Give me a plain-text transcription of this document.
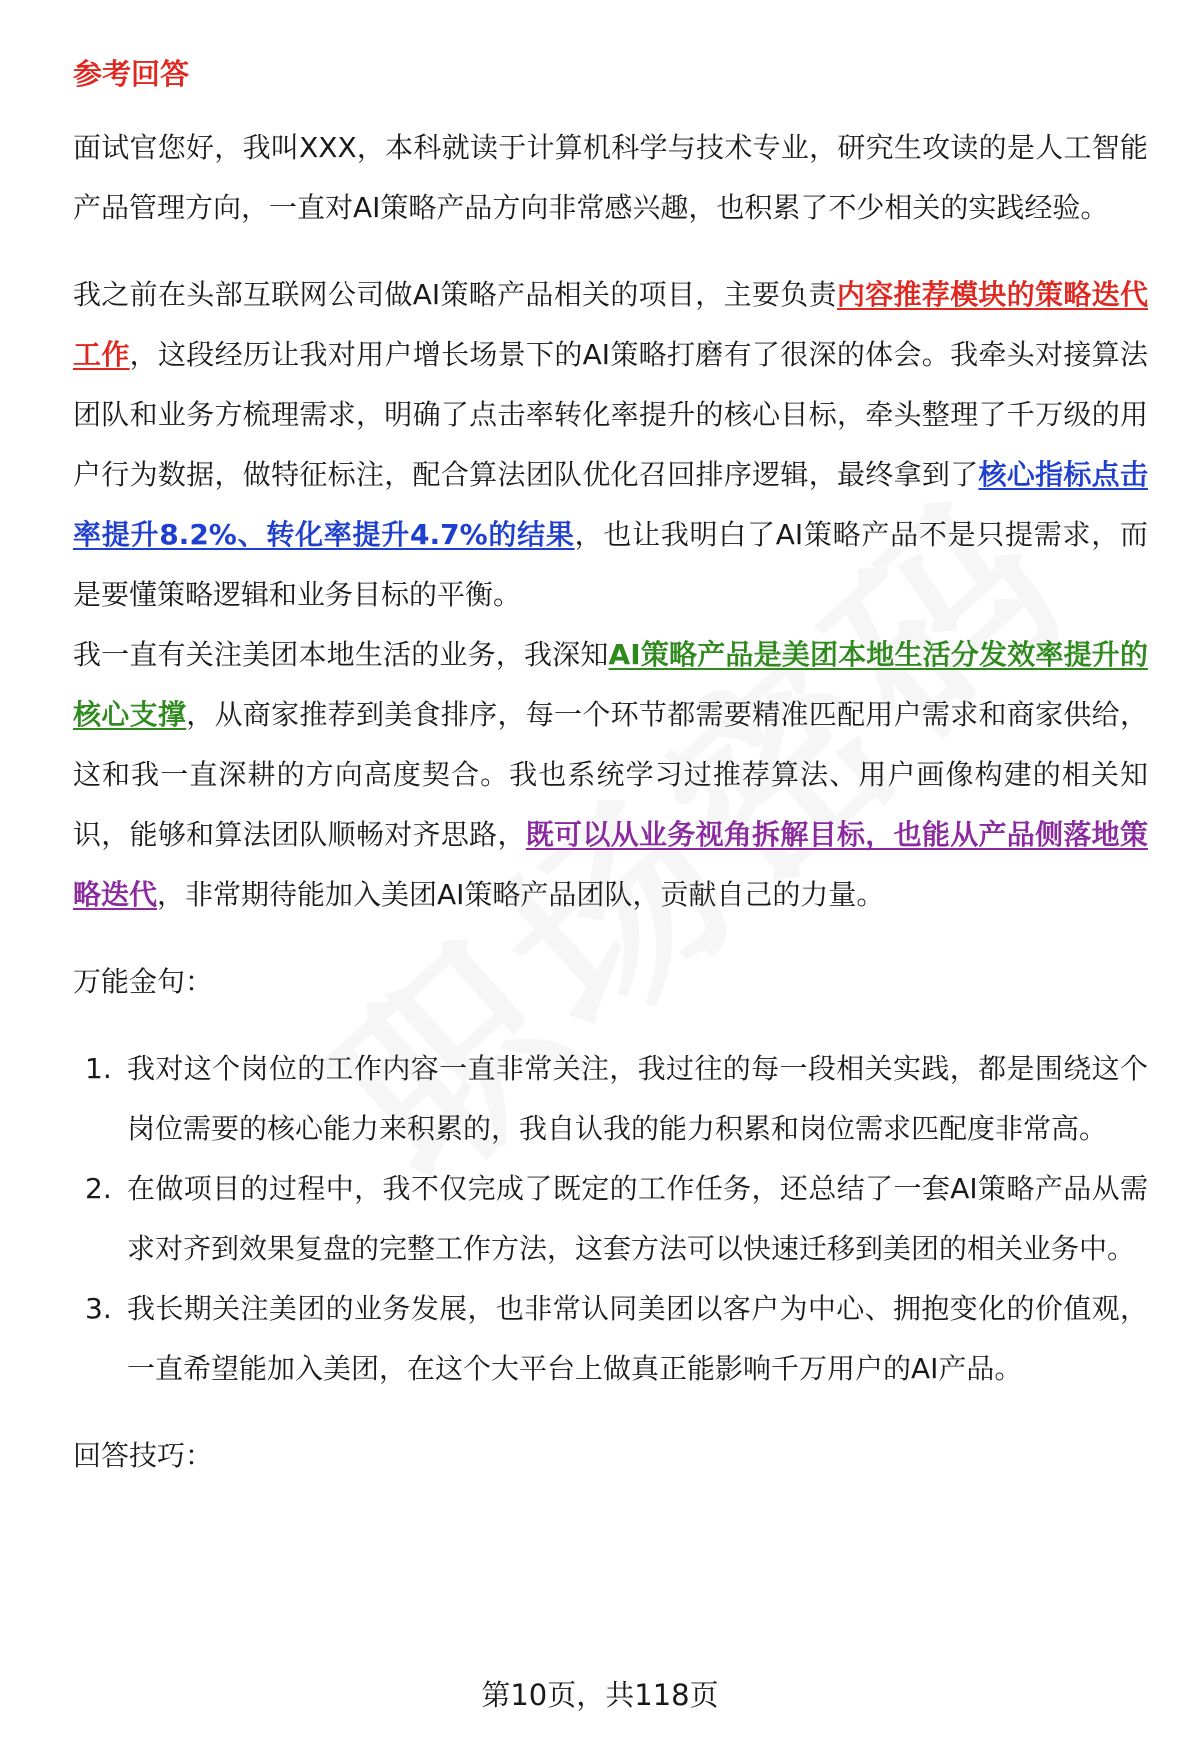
参考回答

面试官您好，我叫XXX，本科就读于计算机科学与技术专业，研究生攻读的是人工智能产品管理方向，一直对AI策略产品方向非常感兴趣，也积累了不少相关的实践经验。

我之前在头部互联网公司做AI策略产品相关的项目，主要负责内容推荐模块的策略迭代工作，这段经历让我对用户增长场景下的AI策略打磨有了很深的体会。我牵头对接算法团队和业务方梳理需求，明确了点击率转化率提升的核心目标，牵头整理了千万级的用户行为数据，做特征标注，配合算法团队优化召回排序逻辑，最终拿到了核心指标点击率提升8.2%、转化率提升4.7%的结果，也让我明白了AI策略产品不是只提需求，而是要懂策略逻辑和业务目标的平衡。

我一直有关注美团本地生活的业务，我深知AI策略产品是美团本地生活分发效率提升的核心支撑，从商家推荐到美食排序，每一个环节都需要精准匹配用户需求和商家供给，这和我一直深耕的方向高度契合。我也系统学习过推荐算法、用户画像构建的相关知识，能够和算法团队顺畅对齐思路，既可以从业务视角拆解目标，也能从产品侧落地策略迭代，非常期待能加入美团AI策略产品团队，贡献自己的力量。

万能金句：

1. 我对这个岗位的工作内容一直非常关注，我过往的每一段相关实践，都是围绕这个岗位需要的核心能力来积累的，我自认我的能力积累和岗位需求匹配度非常高。
2. 在做项目的过程中，我不仅完成了既定的工作任务，还总结了一套AI策略产品从需求对齐到效果复盘的完整工作方法，这套方法可以快速迁移到美团的相关业务中。
3. 我长期关注美团的业务发展，也非常认同美团以客户为中心、拥抱变化的价值观，一直希望能加入美团，在这个大平台上做真正能影响千万用户的AI产品。

回答技巧：

第10页，共118页
